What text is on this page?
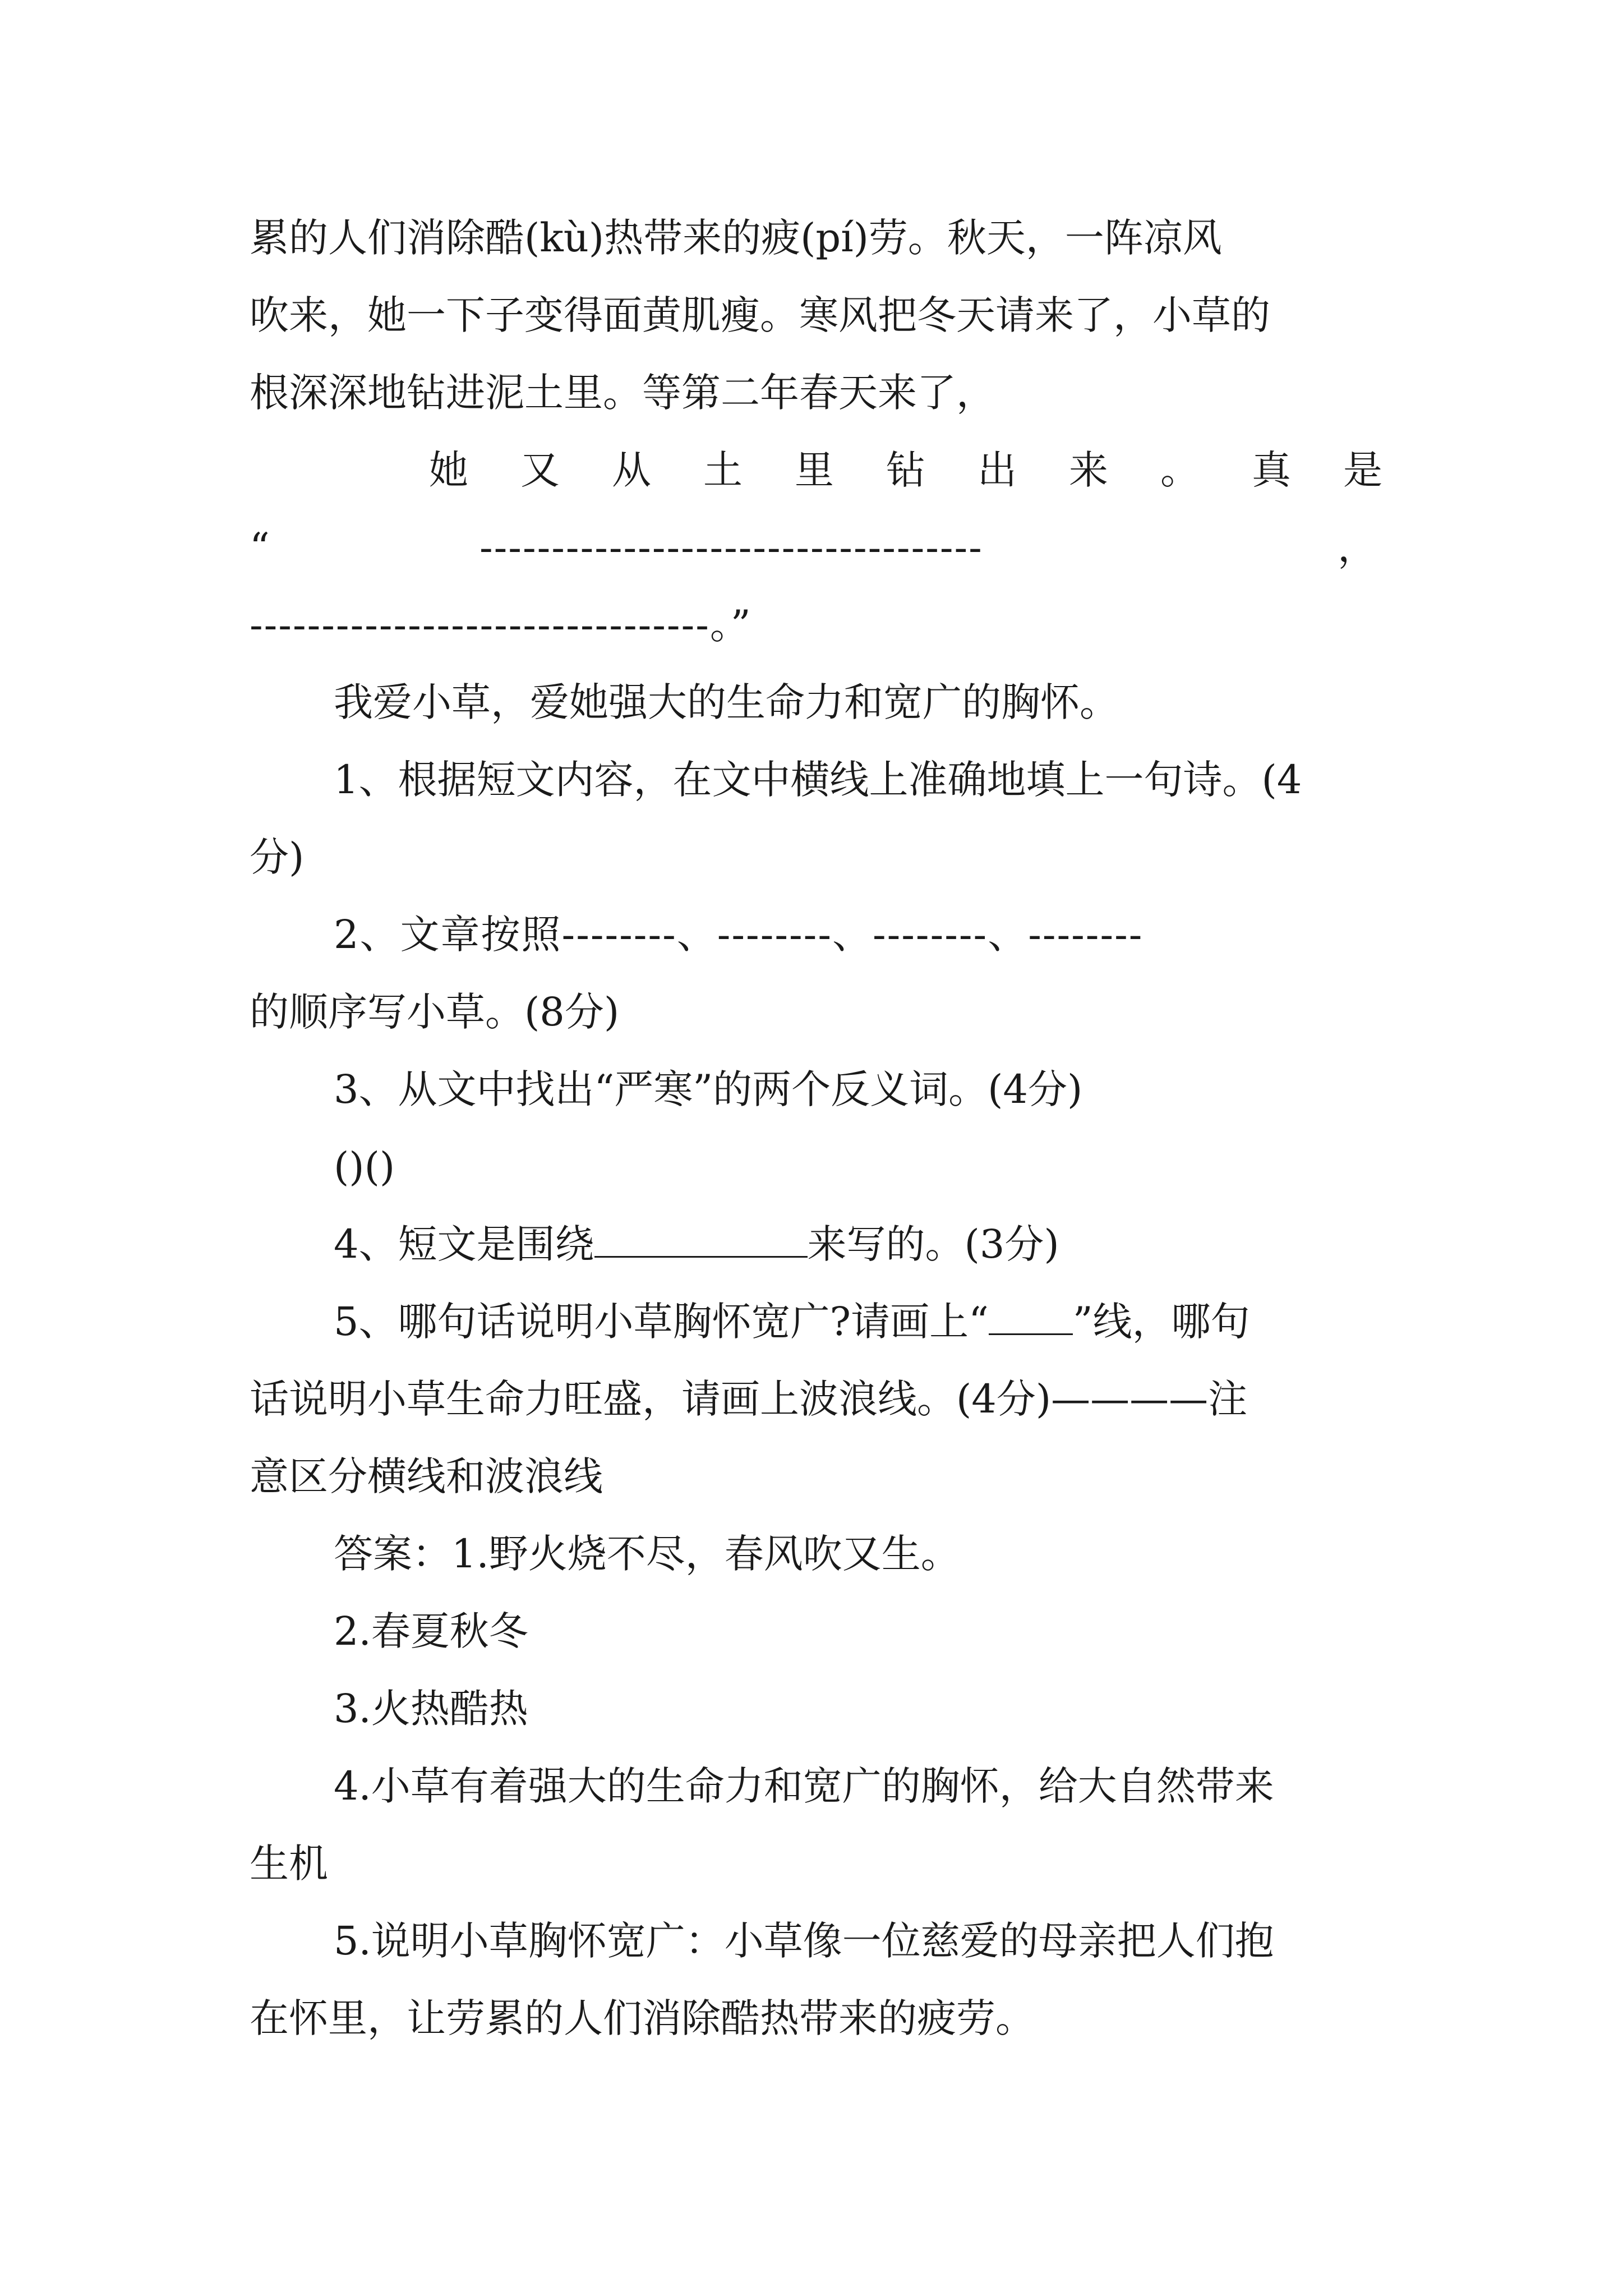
累的人们消除酷(kù)热带来的疲(pí)劳。秋天，一阵凉风

吹来，她一下子变得面黄肌瘦。寒风把冬天请来了，小草的

根深深地钻进泥土里。等第二年春天来了，

她 又 从 土 里 钻 出 来 。 真 是
“	-----------------------------------	，

--------------------------------。”

我爱小草，爱她强大的生命力和宽广的胸怀。

1、根据短文内容，在文中横线上准确地填上一句诗。(4

分)

2、文章按照--------、--------、--------、--------

的顺序写小草。(8分)

3、从文中找出“严寒”的两个反义词。(4分)

()()

4、短文是围绕	来写的。(3分)

5、哪句话说明小草胸怀宽广?请画上“ ”线，哪句

话说明小草生命力旺盛，请画上波浪线。(4分)————注

意区分横线和波浪线

答案：1.野火烧不尽，春风吹又生。

2.春夏秋冬

3.火热酷热

4.小草有着强大的生命力和宽广的胸怀，给大自然带来

生机

5.说明小草胸怀宽广：小草像一位慈爱的母亲把人们抱

在怀里，让劳累的人们消除酷热带来的疲劳。
